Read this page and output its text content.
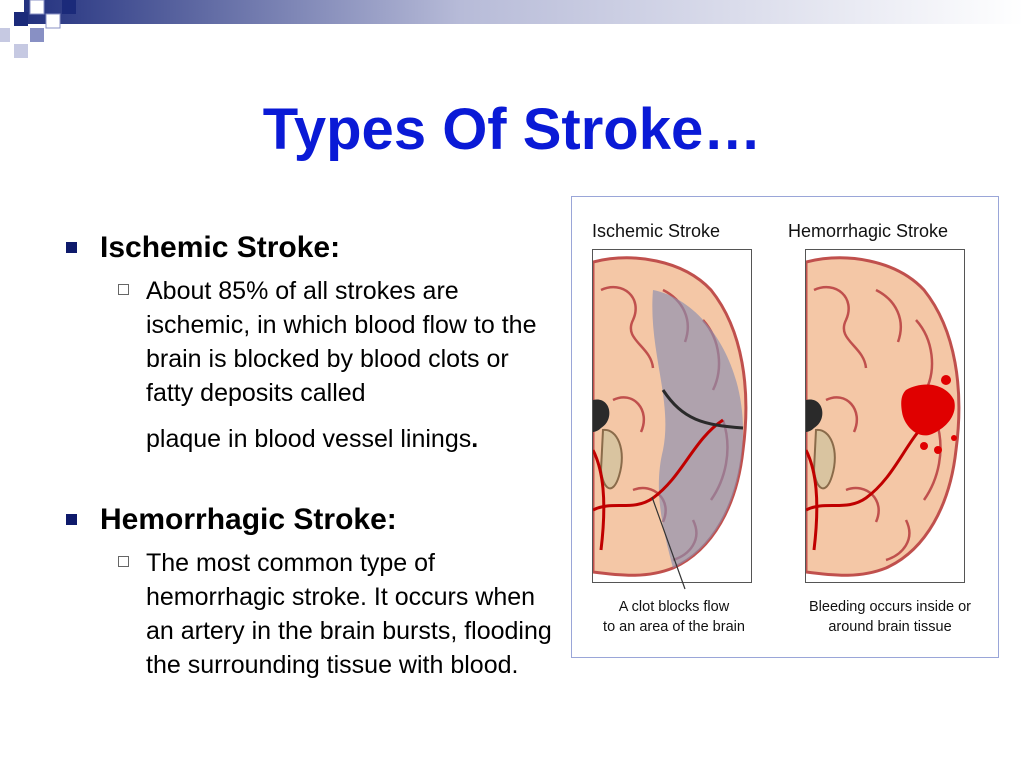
Types Of Stroke…
Ischemic Stroke:
About 85% of all strokes are ischemic, in which blood flow to the brain is blocked by blood clots or fatty deposits called
plaque in blood vessel linings.
Hemorrhagic Stroke:
The most common type of hemorrhagic stroke. It occurs when an artery in the brain bursts, flooding the surrounding tissue with blood.
Ischemic Stroke	Hemorrhagic Stroke
A clot blocks flow
to an area of the brain
Bleeding occurs inside or
around brain tissue
